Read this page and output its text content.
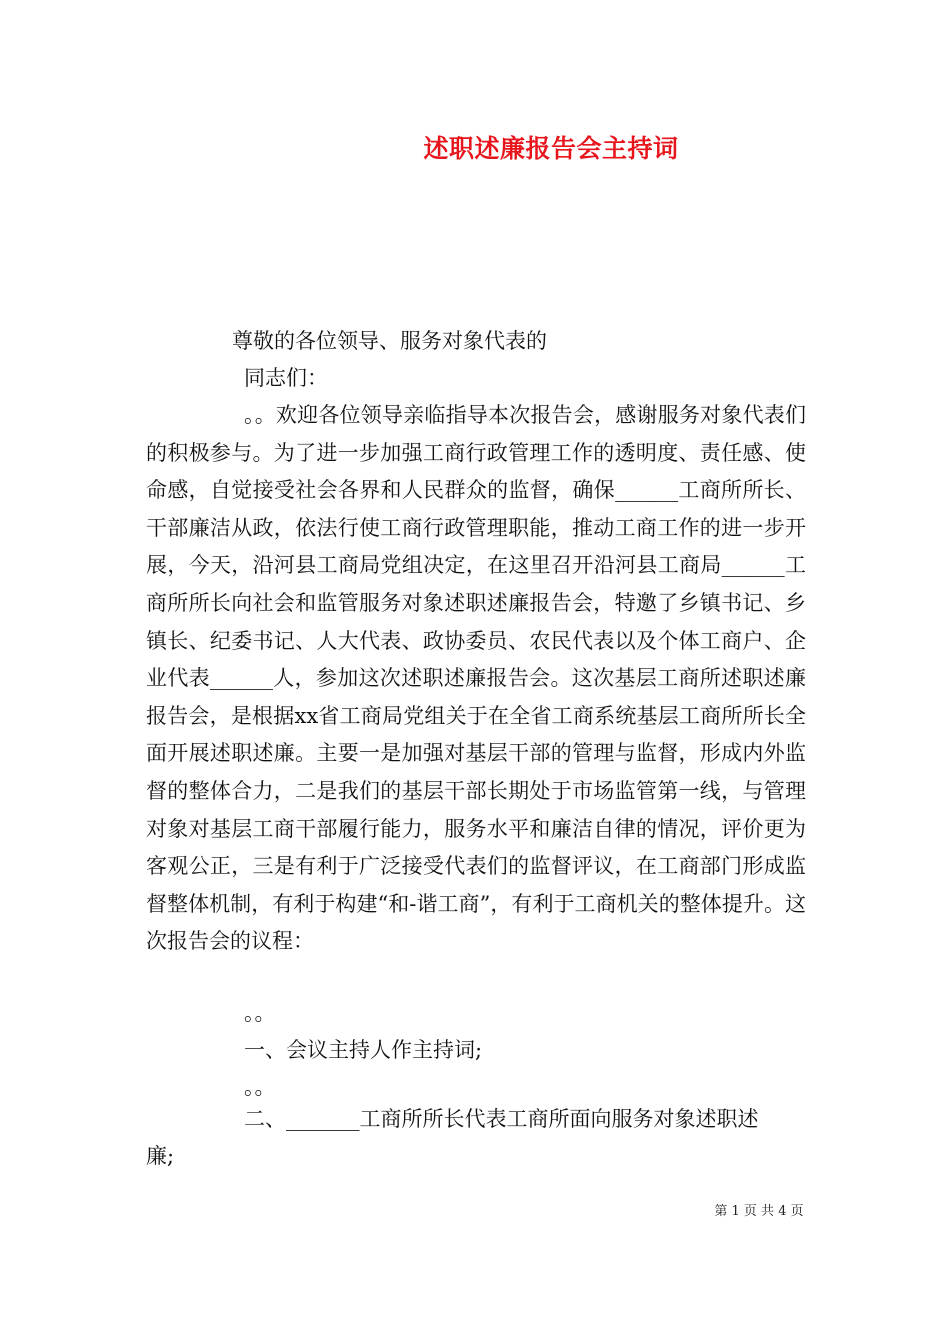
述职述廉报告会主持词
尊敬的各位领导、服务对象代表的
同志们：

。。欢迎各位领导亲临指导本次报告会，感谢服务对象代表们的积极参与。为了进一步加强工商行政管理工作的透明度、责任感、使命感，自觉接受社会各界和人民群众的监督，确保______工商所所长、干部廉洁从政，依法行使工商行政管理职能，推动工商工作的进一步开展，今天，沿河县工商局党组决定，在这里召开沿河县工商局______工商所所长向社会和监管服务对象述职述廉报告会，特邀了乡镇书记、乡镇长、纪委书记、人大代表、政协委员、农民代表以及个体工商户、企业代表______人，参加这次述职述廉报告会。这次基层工商所述职述廉报告会，是根据xx省工商局党组关于在全省工商系统基层工商所所长全面开展述职述廉。主要一是加强对基层干部的管理与监督，形成内外监督的整体合力，二是我们的基层干部长期处于市场监管第一线，与管理对象对基层工商干部履行能力，服务水平和廉洁自律的情况，评价更为客观公正，三是有利于广泛接受代表们的监督评议，在工商部门形成监督整体机制，有利于构建“和-谐工商”，有利于工商机关的整体提升。这次报告会的议程：

。。
一、会议主持人作主持词;
。。
二、_______工商所所长代表工商所面向服务对象述职述
廉;
第 1 页 共 4 页
